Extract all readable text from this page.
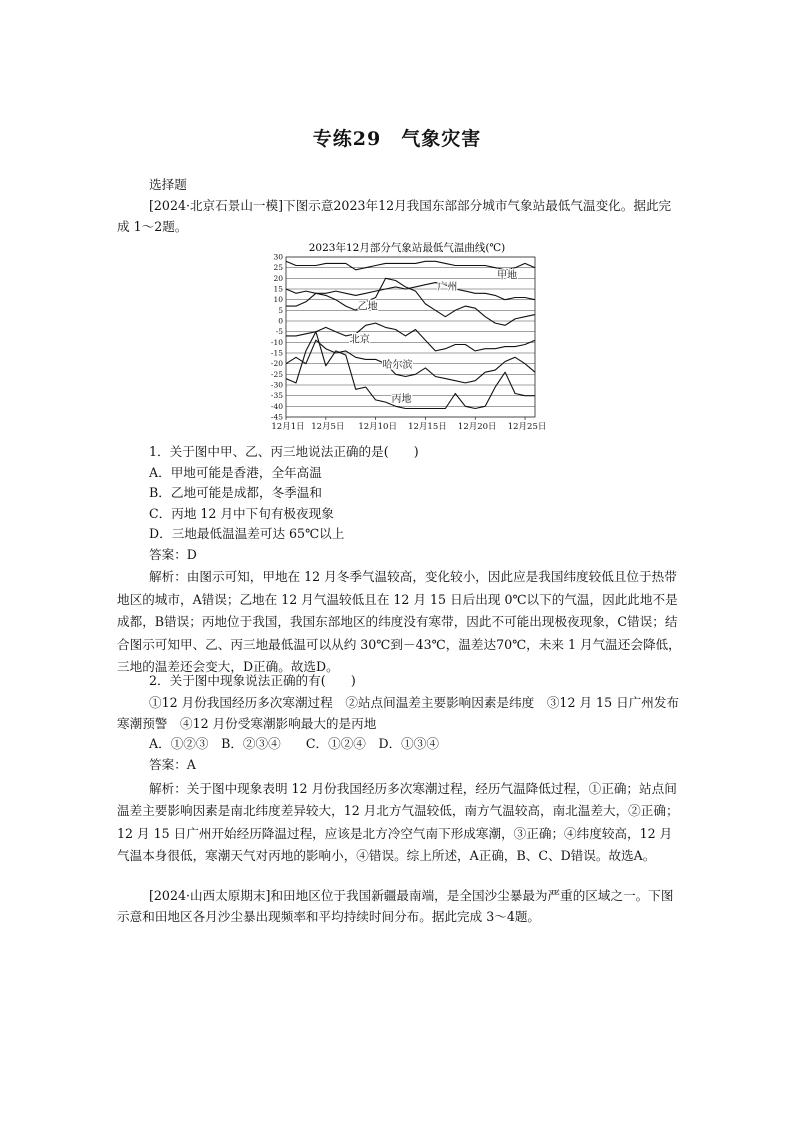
专练29　气象灾害
选择题
[2024·北京石景山一模]下图示意2023年12月我国东部部分城市气象站最低气温变化。据此完成 1～2题。
2023年12月部分气象站最低气温曲线(℃)
30
25
20
15
10
5
0
-5
-10
-15
-20
-25
-30
-35
-40
-45
12月1日 12月5日 12月10日 12月15日 12月20日 12月25日
甲地
广州
乙地
北京
哈尔滨
丙地
1．关于图中甲、乙、丙三地说法正确的是(　　)
A．甲地可能是香港，全年高温
B．乙地可能是成都，冬季温和
C．丙地 12 月中下旬有极夜现象
D．三地最低温温差可达 65℃以上
答案：D
解析：由图示可知，甲地在 12 月冬季气温较高，变化较小，因此应是我国纬度较低且位于热带地区的城市，A错误；乙地在 12 月气温较低且在 12 月 15 日后出现 0℃以下的气温，因此此地不是成都，B错误；丙地位于我国，我国东部地区的纬度没有寒带，因此不可能出现极夜现象，C错误；结合图示可知甲、乙、丙三地最低温可以从约 30℃到－43℃，温差达70℃，未来 1 月气温还会降低，三地的温差还会变大，D正确。故选D。
2．关于图中现象说法正确的有(　　)
①12 月份我国经历多次寒潮过程　②站点间温差主要影响因素是纬度　③12 月 15 日广州发布寒潮预警　④12 月份受寒潮影响最大的是丙地
A．①②③　B．②③④　　C．①②④　D．①③④
答案：A
解析：关于图中现象表明 12 月份我国经历多次寒潮过程，经历气温降低过程，①正确；站点间温差主要影响因素是南北纬度差异较大，12 月北方气温较低，南方气温较高，南北温差大，②正确；12 月 15 日广州开始经历降温过程，应该是北方冷空气南下形成寒潮，③正确；④纬度较高，12 月气温本身很低，寒潮天气对丙地的影响小，④错误。综上所述，A正确，B、C、D错误。故选A。
[2024·山西太原期末]和田地区位于我国新疆最南端，是全国沙尘暴最为严重的区域之一。下图示意和田地区各月沙尘暴出现频率和平均持续时间分布。据此完成 3～4题。
